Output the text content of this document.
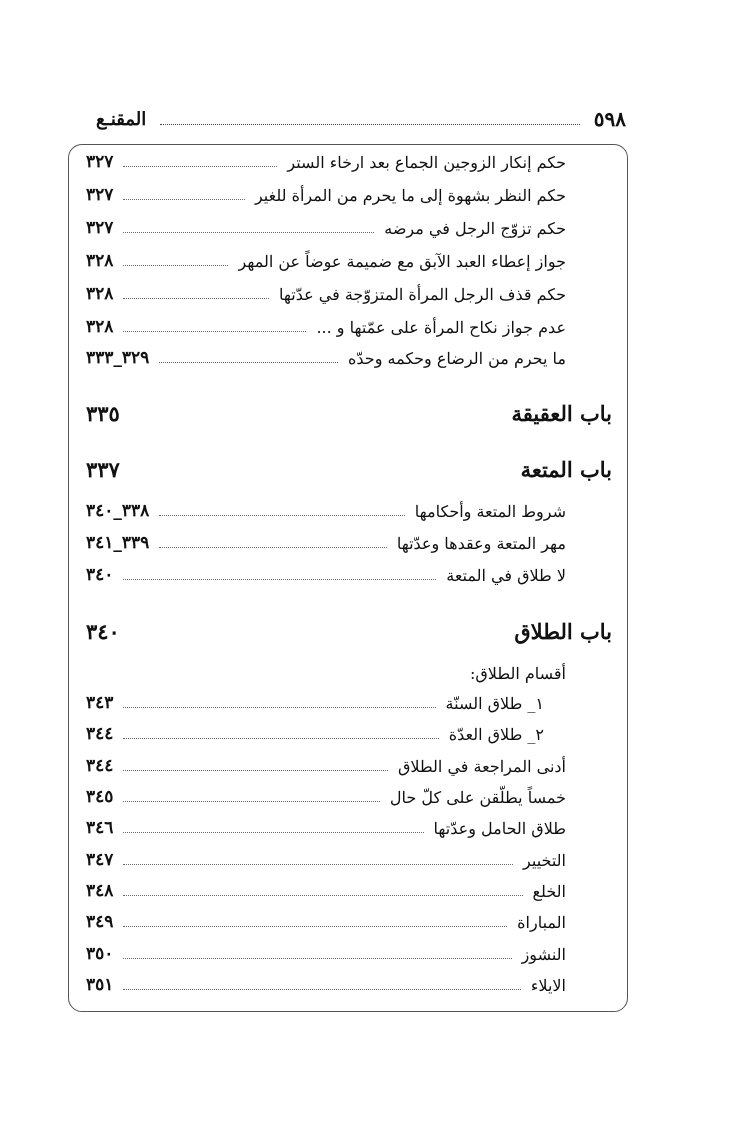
٥٩٨
المقنـع
حكم إنكار الزوجين الجماع بعد ارخاء الستر
٣٢٧
حكم النظر بشهوة إلى ما يحرم من المرأة للغير
٣٢٧
حكم تزوّج الرجل في مرضه
٣٢٧
جواز إعطاء العبد الآبق مع ضميمة عوضاً عن المهر
٣٢٨
حكم قذف الرجل المرأة المتزوّجة في عدّتها
٣٢٨
عدم جواز نكاح المرأة على عمّتها و ...
٣٢٨
ما يحرم من الرضاع وحكمه وحدّه
٣٢٩_٣٣٣
باب العقيقة
٣٣٥
باب المتعة
٣٣٧
شروط المتعة وأحكامها
٣٣٨_٣٤٠
مهر المتعة وعقدها وعدّتها
٣٣٩_٣٤١
لا طلاق في المتعة
٣٤٠
باب الطلاق
٣٤٠
أقسام الطلاق:
١_ طلاق السنّة
٣٤٣
٢_ طلاق العدّة
٣٤٤
أدنى المراجعة في الطلاق
٣٤٤
خمساً يطلّقن على كلّ حال
٣٤٥
طلاق الحامل وعدّتها
٣٤٦
التخيير
٣٤٧
الخلع
٣٤٨
المباراة
٣٤٩
النشوز
٣٥٠
الايلاء
٣٥١
